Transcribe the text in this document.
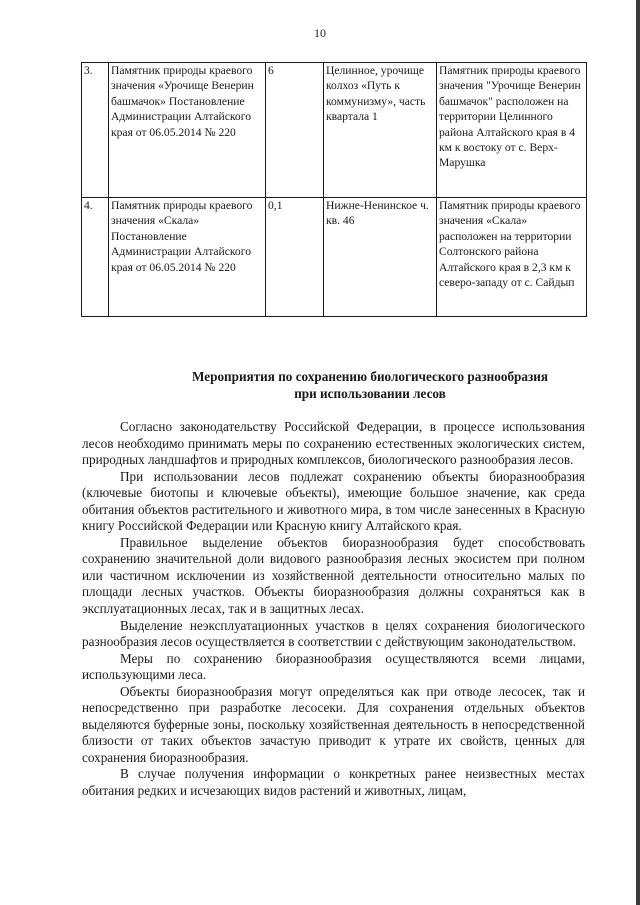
10
3.	Памятник природы краевого значения «Урочище Венерин башмачок» Постановление Администрации Алтайского края от 06.05.2014 № 220	6	Целинное, урочище колхоз «Путь к коммунизму», часть квартала 1	Памятник природы краевого значения "Урочище Венерин башмачок" расположен на территории Целинного района Алтайского края в 4 км к востоку от с. Верх-Марушка
4.	Памятник природы краевого значения «Скала» Постановление Администрации Алтайского края от 06.05.2014 № 220	0,1	Нижне-Ненинское ч. кв. 46	Памятник природы краевого значения «Скала» расположен на территории Солтонского района Алтайского края в 2,3 км к северо-западу от с. Сайдып
Мероприятия по сохранению биологического разнообразия
при использовании лесов

Согласно законодательству Российской Федерации, в процессе использования лесов необходимо принимать меры по сохранению естественных экологических систем, природных ландшафтов и природных комплексов, биологического разнообразия лесов.

При использовании лесов подлежат сохранению объекты биоразнообразия (ключевые биотопы и ключевые объекты), имеющие большое значение, как среда обитания объектов растительного и животного мира, в том числе занесенных в Красную книгу Российской Федерации или Красную книгу Алтайского края.

Правильное выделение объектов биоразнообразия будет способствовать сохранению значительной доли видового разнообразия лесных экосистем при полном или частичном исключении из хозяйственной деятельности относительно малых по площади лесных участков. Объекты биоразнообразия должны сохраняться как в эксплуатационных лесах, так и в защитных лесах.

Выделение неэксплуатационных участков в целях сохранения биологического разнообразия лесов осуществляется в соответствии с действующим законодательством.

Меры по сохранению биоразнообразия осуществляются всеми лицами, использующими леса.

Объекты биоразнообразия могут определяться как при отводе лесосек, так и непосредственно при разработке лесосеки. Для сохранения отдельных объектов выделяются буферные зоны, поскольку хозяйственная деятельность в непосредственной близости от таких объектов зачастую приводит к утрате их свойств, ценных для сохранения биоразнообразия.

В случае получения информации о конкретных ранее неизвестных местах обитания редких и исчезающих видов растений и животных, лицам,
